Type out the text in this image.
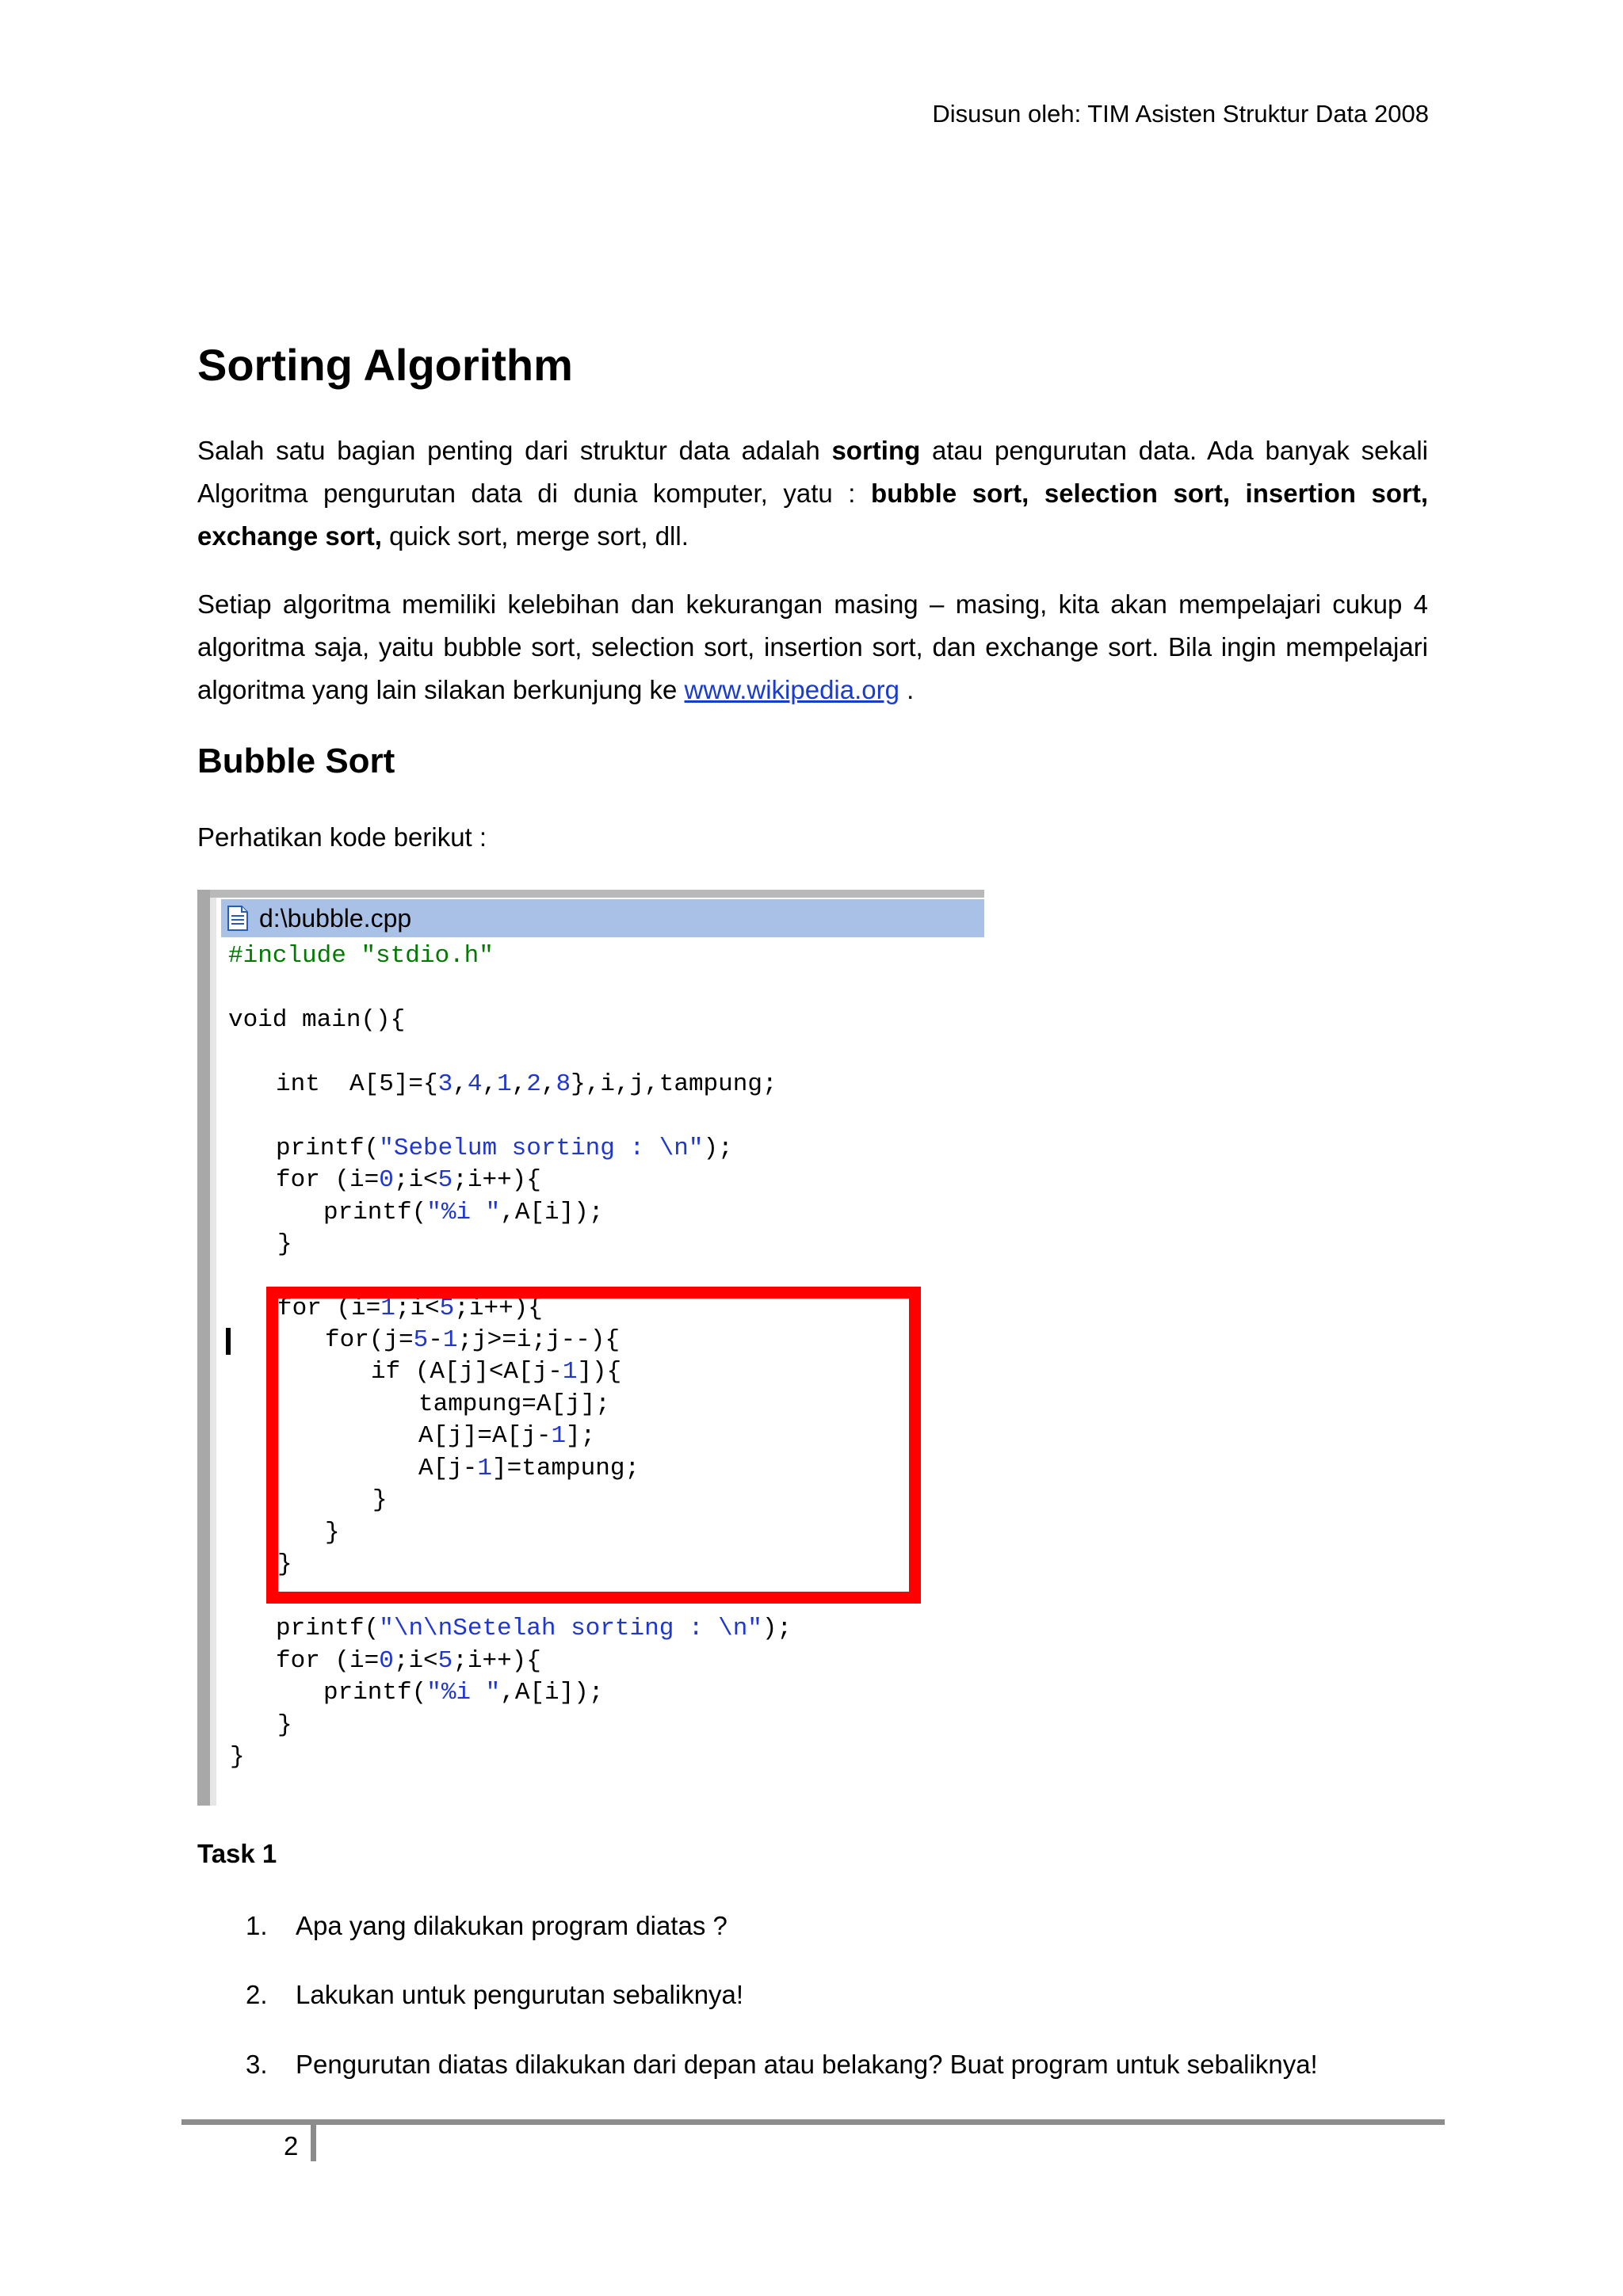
Disusun oleh: TIM Asisten Struktur Data 2008
Sorting Algorithm
Salah satu bagian penting dari struktur data adalah sorting atau pengurutan data. Ada banyak sekali Algoritma pengurutan data di dunia komputer, yatu : bubble sort, selection sort, insertion sort, exchange sort, quick sort, merge sort, dll.
Setiap algoritma memiliki kelebihan dan kekurangan masing – masing, kita akan mempelajari cukup 4 algoritma saja, yaitu bubble sort, selection sort, insertion sort, dan exchange sort. Bila ingin mempelajari algoritma yang lain silakan berkunjung ke www.wikipedia.org .
Bubble Sort
Perhatikan kode berikut :
d:\bubble.cpp
#include "stdio.h"
void main(){
int  A[5]={3,4,1,2,8},i,j,tampung;
printf("Sebelum sorting : \n");
for (i=0;i<5;i++){
printf("%i ",A[i]);
}
for (i=1;i<5;i++){
for(j=5-1;j>=i;j--){
if (A[j]<A[j-1]){
tampung=A[j];
A[j]=A[j-1];
A[j-1]=tampung;
}
}
}
printf("\n\nSetelah sorting : \n");
for (i=0;i<5;i++){
printf("%i ",A[i]);
}
}
Task 1
1. Apa yang dilakukan program diatas ?
2. Lakukan untuk pengurutan sebaliknya!
3. Pengurutan diatas dilakukan dari depan atau belakang? Buat program untuk sebaliknya!
2
